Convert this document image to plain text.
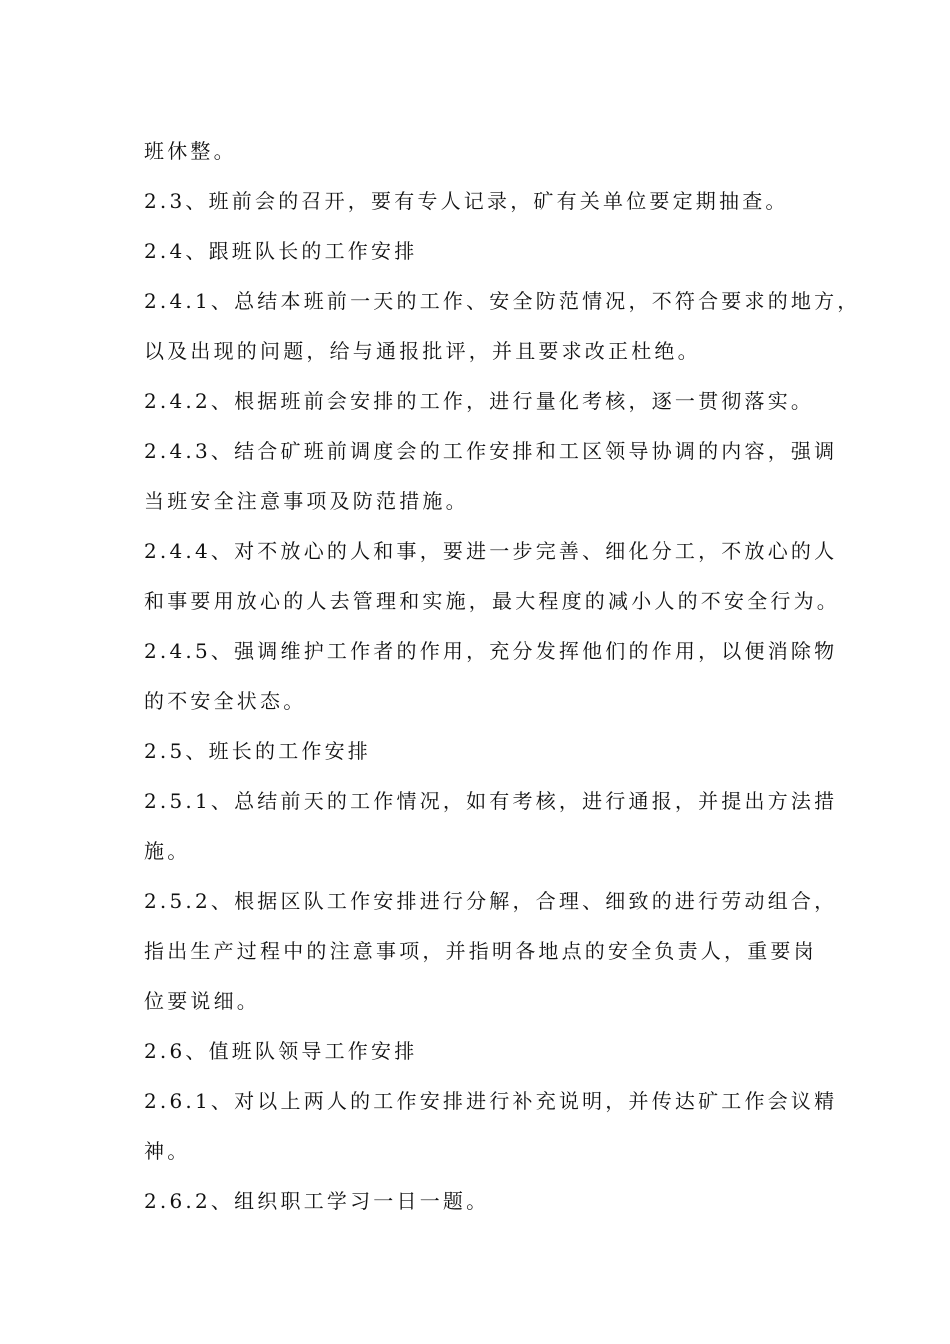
班休整。
2.3、班前会的召开，要有专人记录，矿有关单位要定期抽查。
2.4、跟班队长的工作安排
2.4.1、总结本班前一天的工作、安全防范情况，不符合要求的地方，
以及出现的问题，给与通报批评，并且要求改正杜绝。
2.4.2、根据班前会安排的工作，进行量化考核，逐一贯彻落实。
2.4.3、结合矿班前调度会的工作安排和工区领导协调的内容，强调
当班安全注意事项及防范措施。
2.4.4、对不放心的人和事，要进一步完善、细化分工，不放心的人
和事要用放心的人去管理和实施，最大程度的减小人的不安全行为。
2.4.5、强调维护工作者的作用，充分发挥他们的作用，以便消除物
的不安全状态。
2.5、班长的工作安排
2.5.1、总结前天的工作情况，如有考核，进行通报，并提出方法措
施。
2.5.2、根据区队工作安排进行分解，合理、细致的进行劳动组合，
指出生产过程中的注意事项，并指明各地点的安全负责人，重要岗
位要说细。
2.6、值班队领导工作安排
2.6.1、对以上两人的工作安排进行补充说明，并传达矿工作会议精
神。
2.6.2、组织职工学习一日一题。
